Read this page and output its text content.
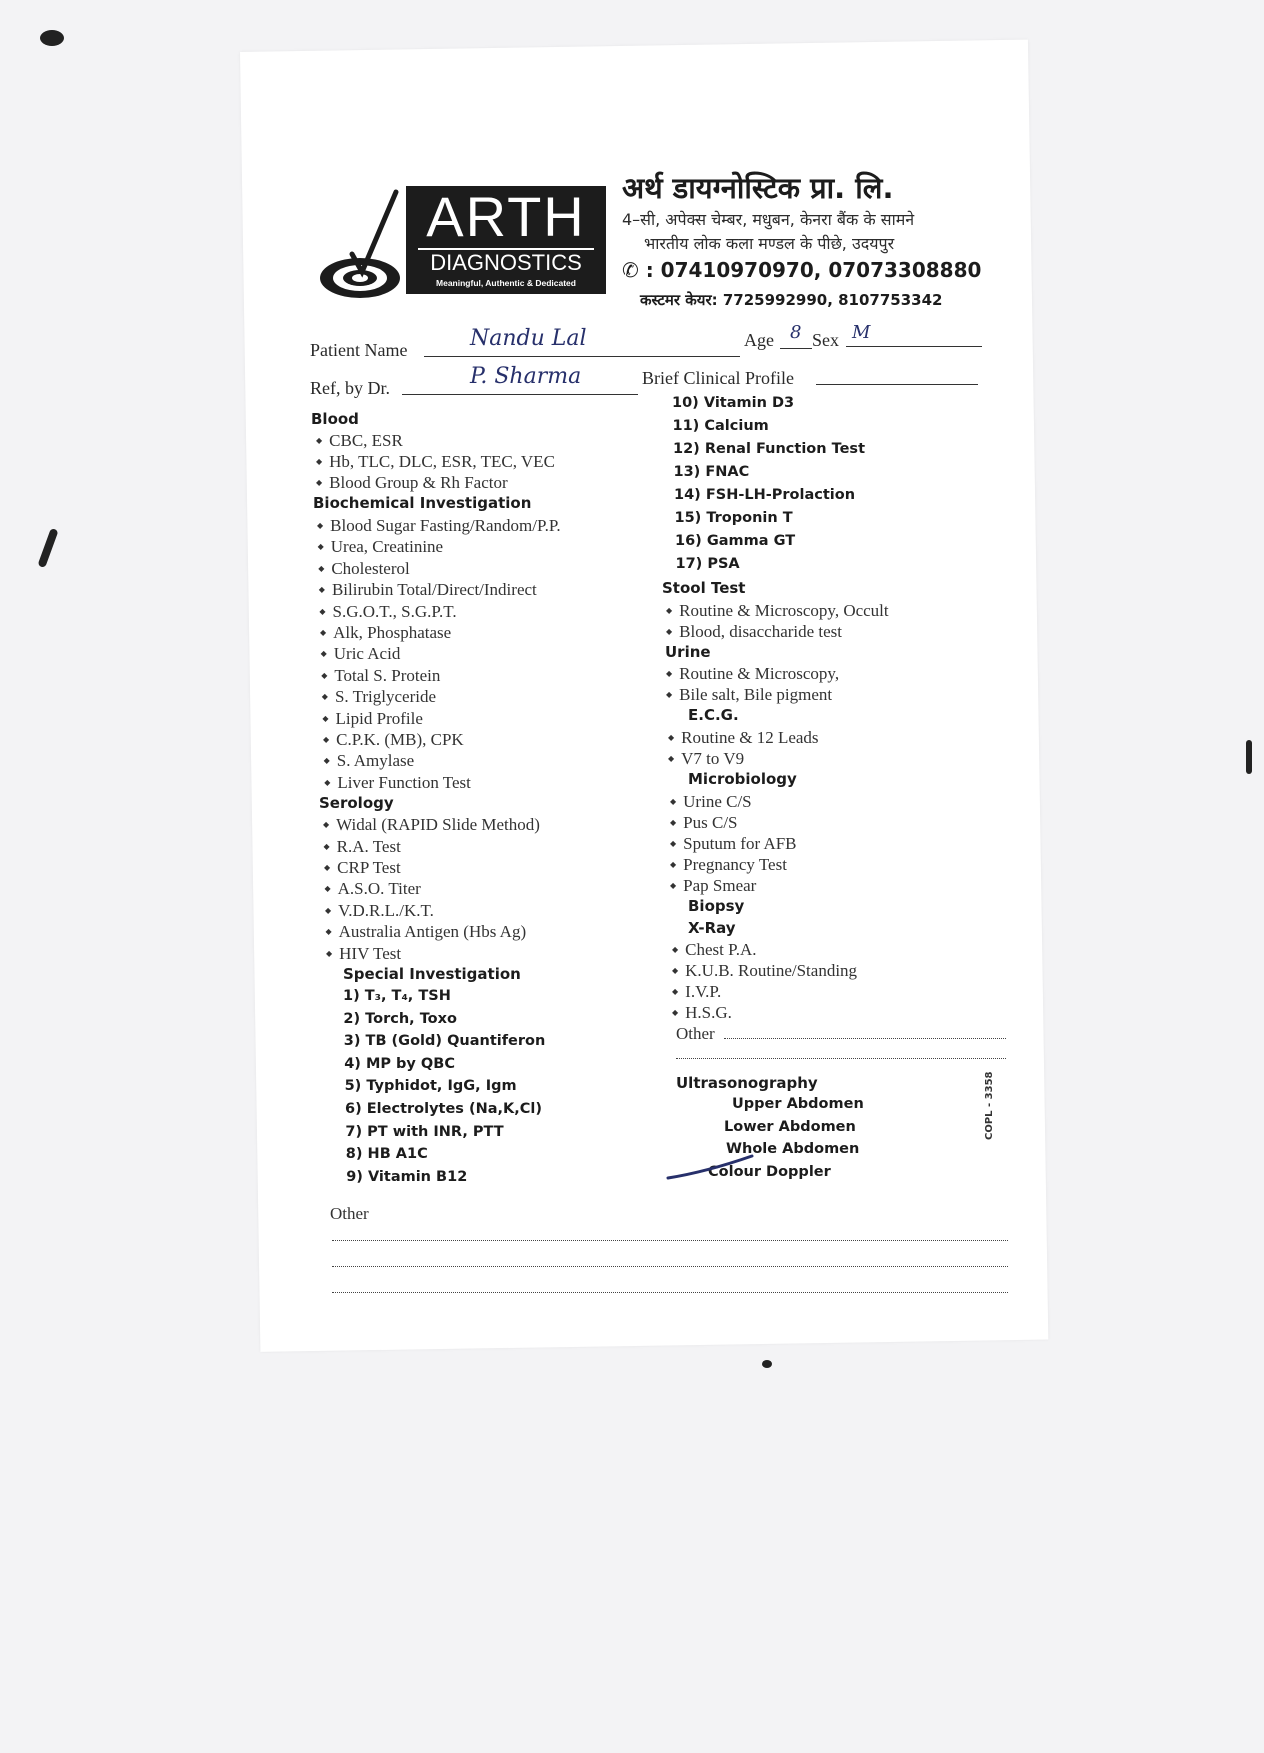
ARTH
DIAGNOSTICS
Meaningful, Authentic & Dedicated
अर्थ डायग्नोस्टिक प्रा. लि.
4–सी, अपेक्स चेम्बर, मधुबन, केनरा बैंक के सामने
भारतीय लोक कला मण्डल के पीछे, उदयपुर
✆ : 07410970970, 07073308880
कस्टमर केयर: 7725992990, 8107753342
Patient Name	Nandu Lal	Age 8 Sex M
Ref, by Dr.	P. Sharma	Brief Clinical Profile
Blood
◆ CBC, ESR
◆ Hb, TLC, DLC, ESR, TEC, VEC
◆ Blood Group & Rh Factor
Biochemical Investigation
◆ Blood Sugar Fasting/Random/P.P.
◆ Urea, Creatinine
◆ Cholesterol
◆ Bilirubin Total/Direct/Indirect
◆ S.G.O.T., S.G.P.T.
◆ Alk, Phosphatase
◆ Uric Acid
◆ Total S. Protein
◆ S. Triglyceride
◆ Lipid Profile
◆ C.P.K. (MB), CPK
◆ S. Amylase
◆ Liver Function Test
Serology
◆ Widal (RAPID Slide Method)
◆ R.A. Test
◆ CRP Test
◆ A.S.O. Titer
◆ V.D.R.L./K.T.
◆ Australia Antigen (Hbs Ag)
◆ HIV Test
Special Investigation
1) T₃, T₄, TSH
2) Torch, Toxo
3) TB (Gold) Quantiferon
4) MP by QBC
5) Typhidot, IgG, Igm
6) Electrolytes (Na,K,Cl)
7) PT with INR, PTT
8) HB A1C
9) Vitamin B12
10) Vitamin D3
11) Calcium
12) Renal Function Test
13) FNAC
14) FSH-LH-Prolaction
15) Troponin T
16) Gamma GT
17) PSA
Stool Test
◆ Routine & Microscopy, Occult
◆ Blood, disaccharide test
Urine
◆ Routine & Microscopy,
◆ Bile salt, Bile pigment
E.C.G.
◆ Routine & 12 Leads
◆ V7 to V9
Microbiology
◆ Urine C/S
◆ Pus C/S
◆ Sputum for AFB
◆ Pregnancy Test
◆ Pap Smear
Biopsy
X-Ray
◆ Chest P.A.
◆ K.U.B. Routine/Standing
◆ I.V.P.
◆ H.S.G.
Other
Ultrasonography
Upper Abdomen
Lower Abdomen
Whole Abdomen
Colour Doppler
Other
COPL - 3358
